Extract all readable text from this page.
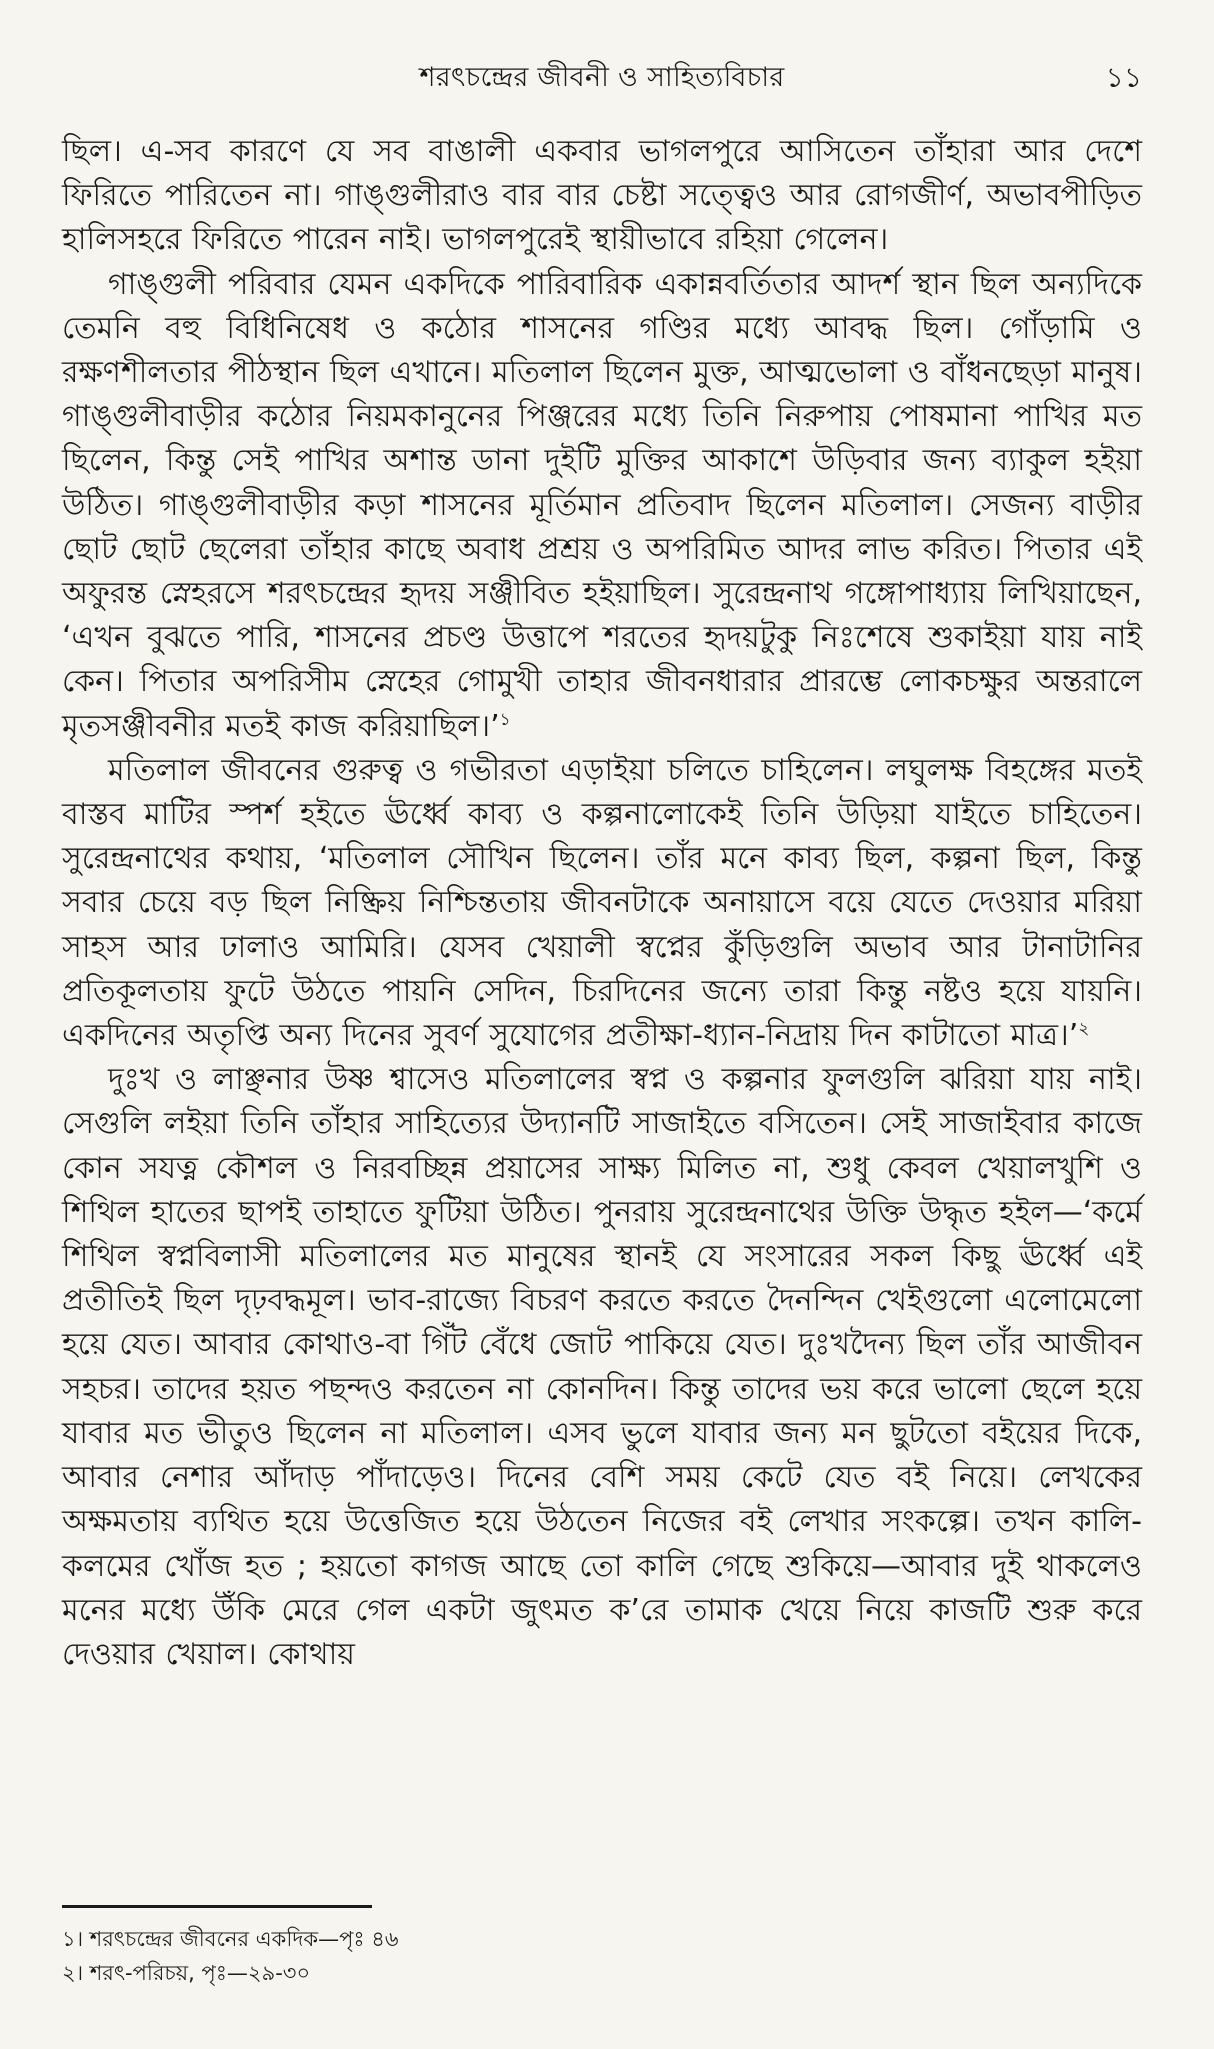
শরৎচন্দ্রের জীবনী ও সাহিত্যবিচার	১১

ছিল। এ-সব কারণে যে সব বাঙালী একবার ভাগলপুরে আসিতেন তাঁহারা আর দেশে ফিরিতে পারিতেন না। গাঙ্গুলীরাও বার বার চেষ্টা সত্ত্বেও আর রোগজীর্ণ, অভাবপীড়িত হালিসহরে ফিরিতে পারেন নাই। ভাগলপুরেই স্থায়ীভাবে রহিয়া গেলেন।

গাঙ্গুলী পরিবার যেমন একদিকে পারিবারিক একান্নবর্তিতার আদর্শ স্থান ছিল অন্যদিকে তেমনি বহু বিধিনিষেধ ও কঠোর শাসনের গণ্ডির মধ্যে আবদ্ধ ছিল। গোঁড়ামি ও রক্ষণশীলতার পীঠস্থান ছিল এখানে। মতিলাল ছিলেন মুক্ত, আত্মভোলা ও বাঁধনছেড়া মানুষ। গাঙ্গুলীবাড়ীর কঠোর নিয়মকানুনের পিঞ্জরের মধ্যে তিনি নিরুপায় পোষমানা পাখির মত ছিলেন, কিন্তু সেই পাখির অশান্ত ডানা দুইটি মুক্তির আকাশে উড়িবার জন্য ব্যাকুল হইয়া উঠিত। গাঙ্গুলীবাড়ীর কড়া শাসনের মূর্তিমান প্রতিবাদ ছিলেন মতিলাল। সেজন্য বাড়ীর ছোট ছোট ছেলেরা তাঁহার কাছে অবাধ প্রশ্রয় ও অপরিমিত আদর লাভ করিত। পিতার এই অফুরন্ত স্নেহরসে শরৎচন্দ্রের হৃদয় সঞ্জীবিত হইয়াছিল। সুরেন্দ্রনাথ গঙ্গোপাধ্যায় লিখিয়াছেন, ‘এখন বুঝতে পারি, শাসনের প্রচণ্ড উত্তাপে শরতের হৃদয়টুকু নিঃশেষে শুকাইয়া যায় নাই কেন। পিতার অপরিসীম স্নেহের গোমুখী তাহার জীবনধারার প্রারম্ভে লোকচক্ষুর অন্তরালে মৃতসঞ্জীবনীর মতই কাজ করিয়াছিল।’$^১$

মতিলাল জীবনের গুরুত্ব ও গভীরতা এড়াইয়া চলিতে চাহিলেন। লঘুলক্ষ বিহঙ্গের মতই বাস্তব মাটির স্পর্শ হইতে ঊর্ধ্বে কাব্য ও কল্পনালোকেই তিনি উড়িয়া যাইতে চাহিতেন। সুরেন্দ্রনাথের কথায়, ‘মতিলাল সৌখিন ছিলেন। তাঁর মনে কাব্য ছিল, কল্পনা ছিল, কিন্তু সবার চেয়ে বড় ছিল নিষ্ক্রিয় নিশ্চিন্ততায় জীবনটাকে অনায়াসে বয়ে যেতে দেওয়ার মরিয়া সাহস আর ঢালাও আমিরি। যেসব খেয়ালী স্বপ্নের কুঁড়িগুলি অভাব আর টানাটানির প্রতিকূলতায় ফুটে উঠতে পায়নি সেদিন, চিরদিনের জন্যে তারা কিন্তু নষ্টও হয়ে যায়নি। একদিনের অতৃপ্তি অন্য দিনের সুবর্ণ সুযোগের প্রতীক্ষা-ধ্যান-নিদ্রায় দিন কাটাতো মাত্র।’$^২$

দুঃখ ও লাঞ্ছনার উষ্ণ শ্বাসেও মতিলালের স্বপ্ন ও কল্পনার ফুলগুলি ঝরিয়া যায় নাই। সেগুলি লইয়া তিনি তাঁহার সাহিত্যের উদ্যানটি সাজাইতে বসিতেন। সেই সাজাইবার কাজে কোন সযত্ন কৌশল ও নিরবচ্ছিন্ন প্রয়াসের সাক্ষ্য মিলিত না, শুধু কেবল খেয়ালখুশি ও শিথিল হাতের ছাপই তাহাতে ফুটিয়া উঠিত। পুনরায় সুরেন্দ্রনাথের উক্তি উদ্ধৃত হইল—‘কর্মে শিথিল স্বপ্নবিলাসী মতিলালের মত মানুষের স্থানই যে সংসারের সকল কিছু ঊর্ধ্বে এই প্রতীতিই ছিল দৃঢ়বদ্ধমূল। ভাব-রাজ্যে বিচরণ করতে করতে দৈনন্দিন খেইগুলো এলোমেলো হয়ে যেত। আবার কোথাও-বা গিঁট বেঁধে জোট পাকিয়ে যেত। দুঃখদৈন্য ছিল তাঁর আজীবন সহচর। তাদের হয়ত পছন্দও করতেন না কোনদিন। কিন্তু তাদের ভয় করে ভালো ছেলে হয়ে যাবার মত ভীতুও ছিলেন না মতিলাল। এসব ভুলে যাবার জন্য মন ছুটতো বইয়ের দিকে, আবার নেশার আঁদাড় পাঁদাড়েও। দিনের বেশি সময় কেটে যেত বই নিয়ে। লেখকের অক্ষমতায় ব্যথিত হয়ে উত্তেজিত হয়ে উঠতেন নিজের বই লেখার সংকল্পে। তখন কালি-কলমের খোঁজ হত ; হয়তো কাগজ আছে তো কালি গেছে শুকিয়ে—আবার দুই থাকলেও মনের মধ্যে উঁকি মেরে গেল একটা জুৎমত ক’রে তামাক খেয়ে নিয়ে কাজটি শুরু করে দেওয়ার খেয়াল। কোথায়

১। শরৎচন্দ্রের জীবনের একদিক—পৃঃ ৪৬

২। শরৎ-পরিচয়, পৃঃ—২৯-৩০
